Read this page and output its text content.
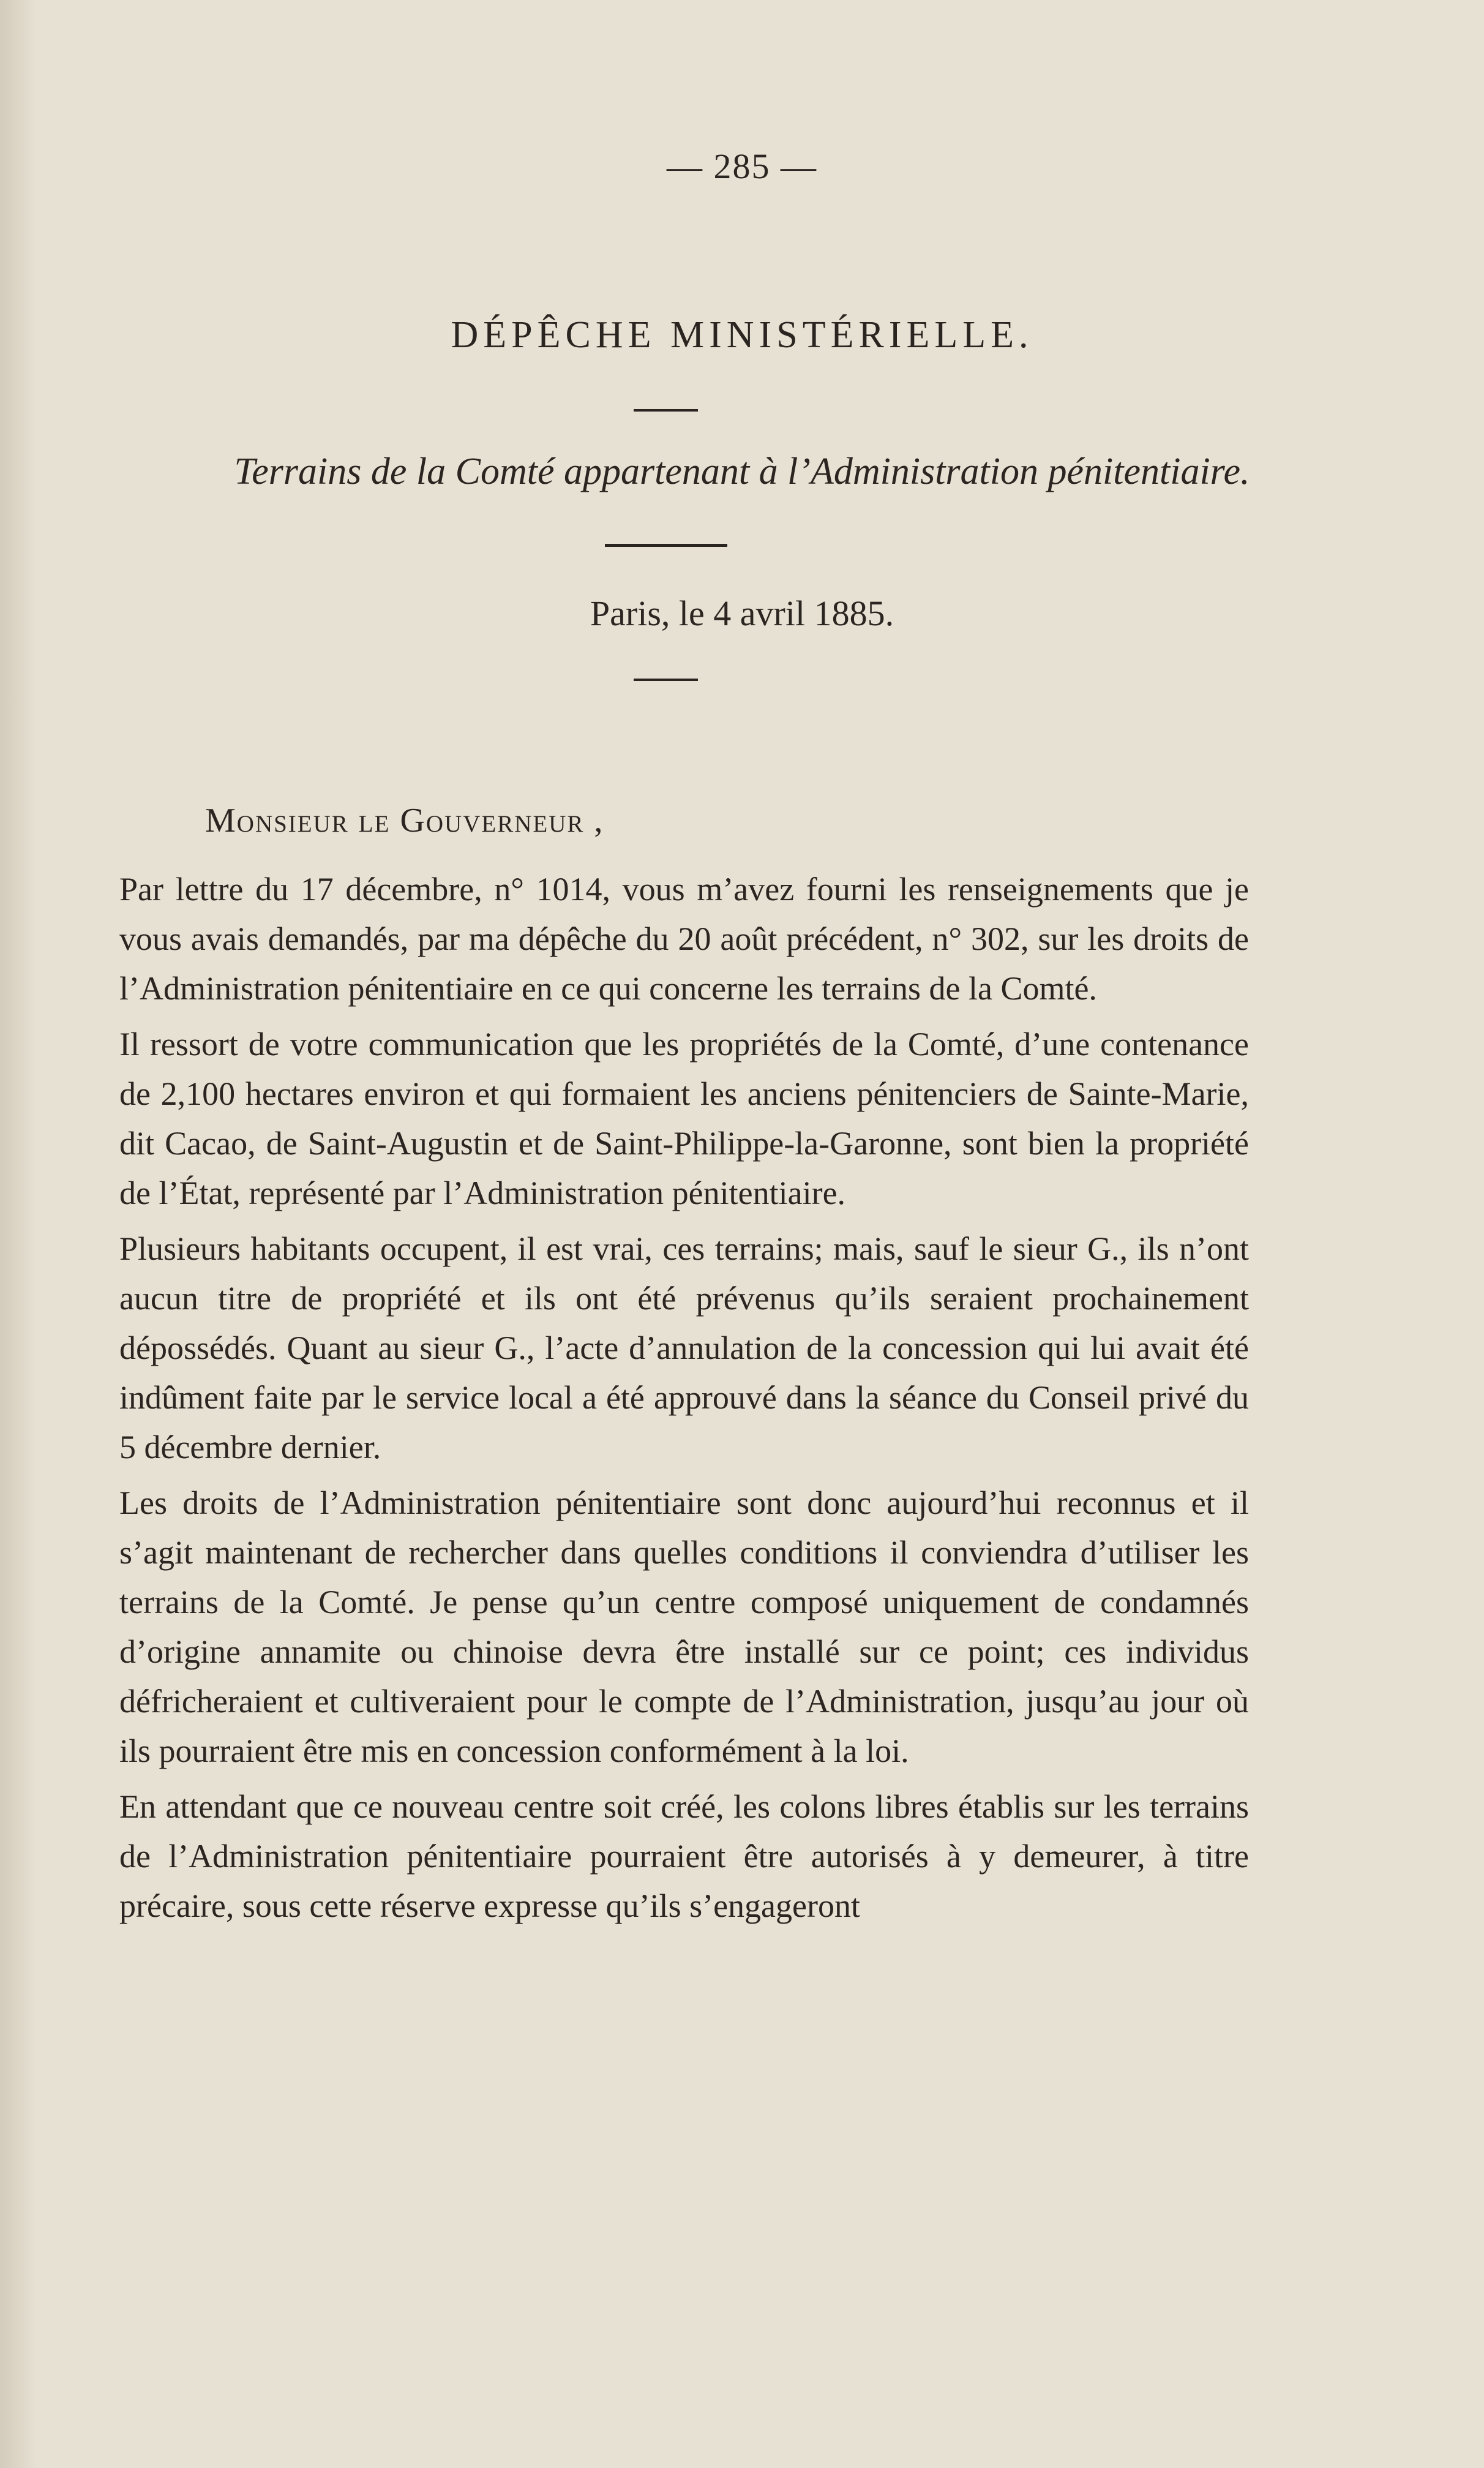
— 285 —
DÉPÊCHE MINISTÉRIELLE.
Terrains de la Comté appartenant à l’Administration pénitentiaire.
Paris, le 4 avril 1885.
Monsieur le Gouverneur ,

Par lettre du 17 décembre, n° 1014, vous m’avez fourni les renseignements que je vous avais demandés, par ma dépêche du 20 août précédent, n° 302, sur les droits de l’Administration pénitentiaire en ce qui concerne les terrains de la Comté.

Il ressort de votre communication que les propriétés de la Comté, d’une contenance de 2,100 hectares environ et qui formaient les anciens pénitenciers de Sainte-Marie, dit Cacao, de Saint-Augustin et de Saint-Philippe-la-Garonne, sont bien la propriété de l’État, représenté par l’Administration pénitentiaire.

Plusieurs habitants occupent, il est vrai, ces terrains; mais, sauf le sieur G., ils n’ont aucun titre de propriété et ils ont été prévenus qu’ils seraient prochainement dépossédés. Quant au sieur G., l’acte d’annulation de la concession qui lui avait été indûment faite par le service local a été approuvé dans la séance du Conseil privé du 5 décembre dernier.

Les droits de l’Administration pénitentiaire sont donc aujourd’hui reconnus et il s’agit maintenant de rechercher dans quelles conditions il conviendra d’utiliser les terrains de la Comté. Je pense qu’un centre composé uniquement de condamnés d’origine annamite ou chinoise devra être installé sur ce point; ces individus défricheraient et cultiveraient pour le compte de l’Administration, jusqu’au jour où ils pourraient être mis en concession conformément à la loi.

En attendant que ce nouveau centre soit créé, les colons libres établis sur les terrains de l’Administration pénitentiaire pourraient être autorisés à y demeurer, à titre précaire, sous cette réserve expresse qu’ils s’engageront
